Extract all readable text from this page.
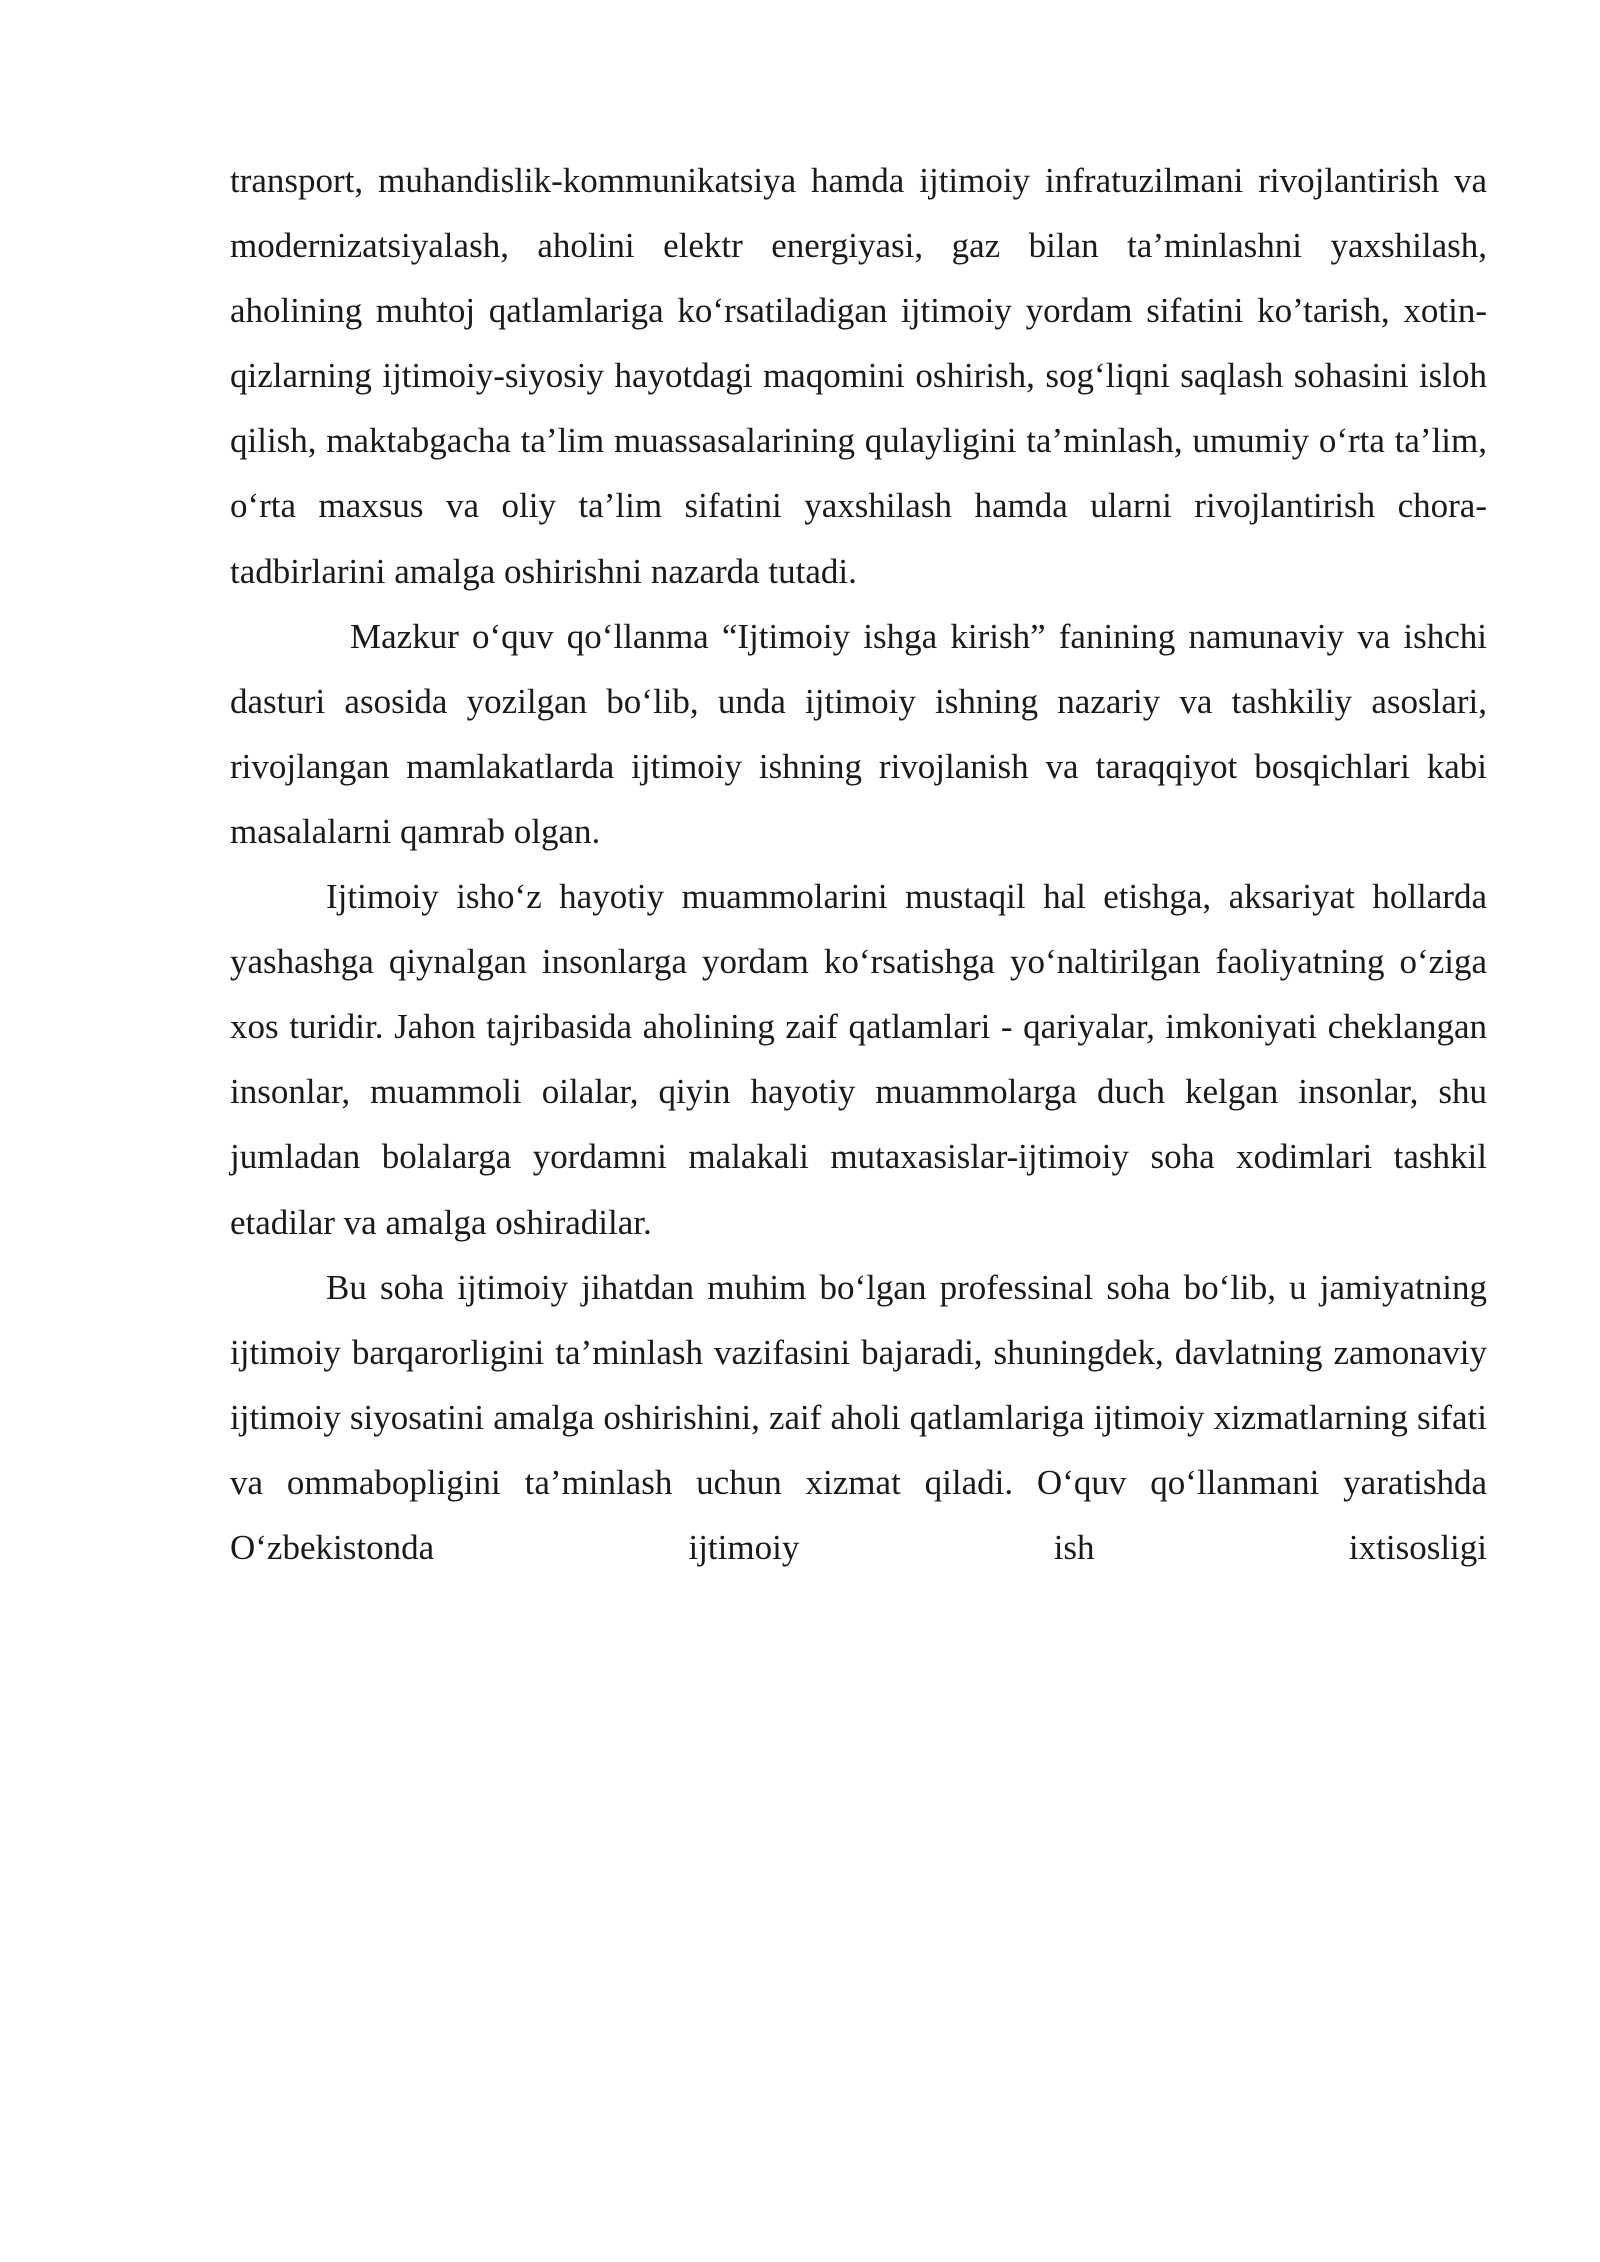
transport, muhandislik-kommunikatsiya hamda ijtimoiy infratuzilmani rivojlantirish va modernizatsiyalash, aholini elektr energiyasi, gaz bilan ta’minlashni yaxshilash, aholining muhtoj qatlamlariga ko‘rsatiladigan ijtimoiy yordam sifatini ko’tarish, xotin-qizlarning ijtimoiy-siyosiy hayotdagi maqomini oshirish, sog‘liqni saqlash sohasini isloh qilish, maktabgacha ta’lim muassasalarining qulayligini ta’minlash, umumiy o‘rta ta’lim, o‘rta maxsus va oliy ta’lim sifatini yaxshilash hamda ularni rivojlantirish chora-tadbirlarini amalga oshirishni nazarda tutadi.

Mazkur o‘quv qo‘llanma “Ijtimoiy ishga kirish” fanining namunaviy va ishchi dasturi asosida yozilgan bo‘lib, unda ijtimoiy ishning nazariy va tashkiliy asoslari, rivojlangan mamlakatlarda ijtimoiy ishning rivojlanish va taraqqiyot bosqichlari kabi masalalarni qamrab olgan.

Ijtimoiy isho‘z hayotiy muammolarini mustaqil hal etishga, aksariyat hollarda yashashga qiynalgan insonlarga yordam ko‘rsatishga yo‘naltirilgan faoliyatning o‘ziga xos turidir. Jahon tajribasida aholining zaif qatlamlari - qariyalar, imkoniyati cheklangan insonlar, muammoli oilalar, qiyin hayotiy muammolarga duch kelgan insonlar, shu jumladan bolalarga yordamni malakali mutaxasislar-ijtimoiy soha xodimlari tashkil etadilar va amalga oshiradilar.

Bu soha ijtimoiy jihatdan muhim bo‘lgan professinal soha bo‘lib, u jamiyatning ijtimoiy barqarorligini ta’minlash vazifasini bajaradi, shuningdek, davlatning zamonaviy ijtimoiy siyosatini amalga oshirishini, zaif aholi qatlamlariga ijtimoiy xizmatlarning sifati va ommabopligini ta’minlash uchun xizmat qiladi. O‘quv qo‘llanmani yaratishda O‘zbekistonda ijtimoiy ish ixtisosligi
